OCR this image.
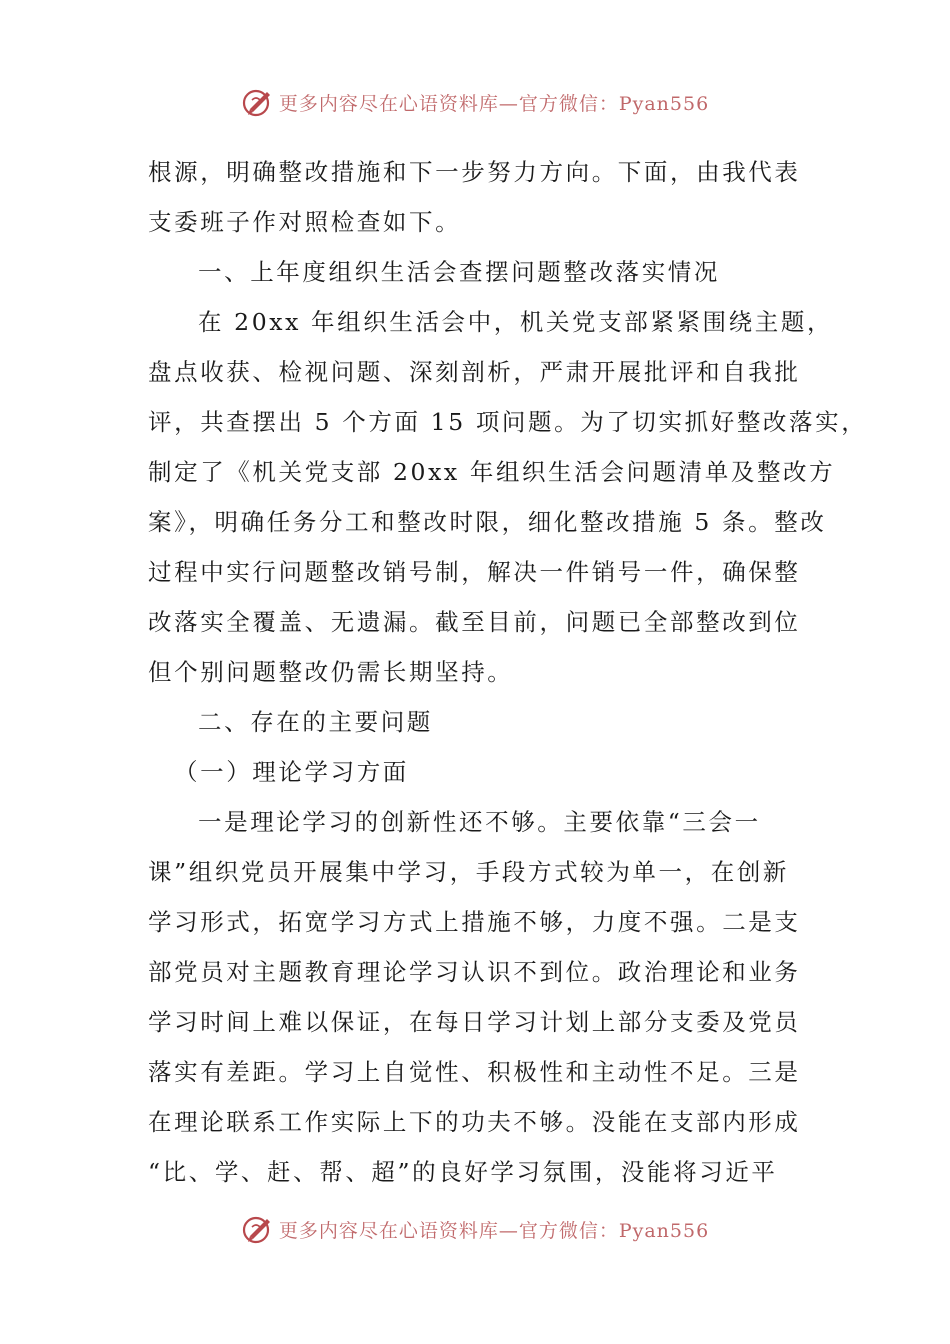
更多内容尽在心语资料库—官方微信：Pyan556
根源，明确整改措施和下一步努力方向。下面，由我代表
支委班子作对照检查如下。
一、上年度组织生活会查摆问题整改落实情况
在 20xx 年组织生活会中，机关党支部紧紧围绕主题，
盘点收获、检视问题、深刻剖析，严肃开展批评和自我批
评，共查摆出 5 个方面 15 项问题。为了切实抓好整改落实，
制定了《机关党支部 20xx 年组织生活会问题清单及整改方
案》，明确任务分工和整改时限，细化整改措施 5 条。整改
过程中实行问题整改销号制，解决一件销号一件，确保整
改落实全覆盖、无遗漏。截至目前，问题已全部整改到位
但个别问题整改仍需长期坚持。
二、存在的主要问题
（一）理论学习方面
一是理论学习的创新性还不够。主要依靠“三会一
课”组织党员开展集中学习，手段方式较为单一，在创新
学习形式，拓宽学习方式上措施不够，力度不强。二是支
部党员对主题教育理论学习认识不到位。政治理论和业务
学习时间上难以保证，在每日学习计划上部分支委及党员
落实有差距。学习上自觉性、积极性和主动性不足。三是
在理论联系工作实际上下的功夫不够。没能在支部内形成
“比、学、赶、帮、超”的良好学习氛围，没能将习近平
更多内容尽在心语资料库—官方微信：Pyan556
